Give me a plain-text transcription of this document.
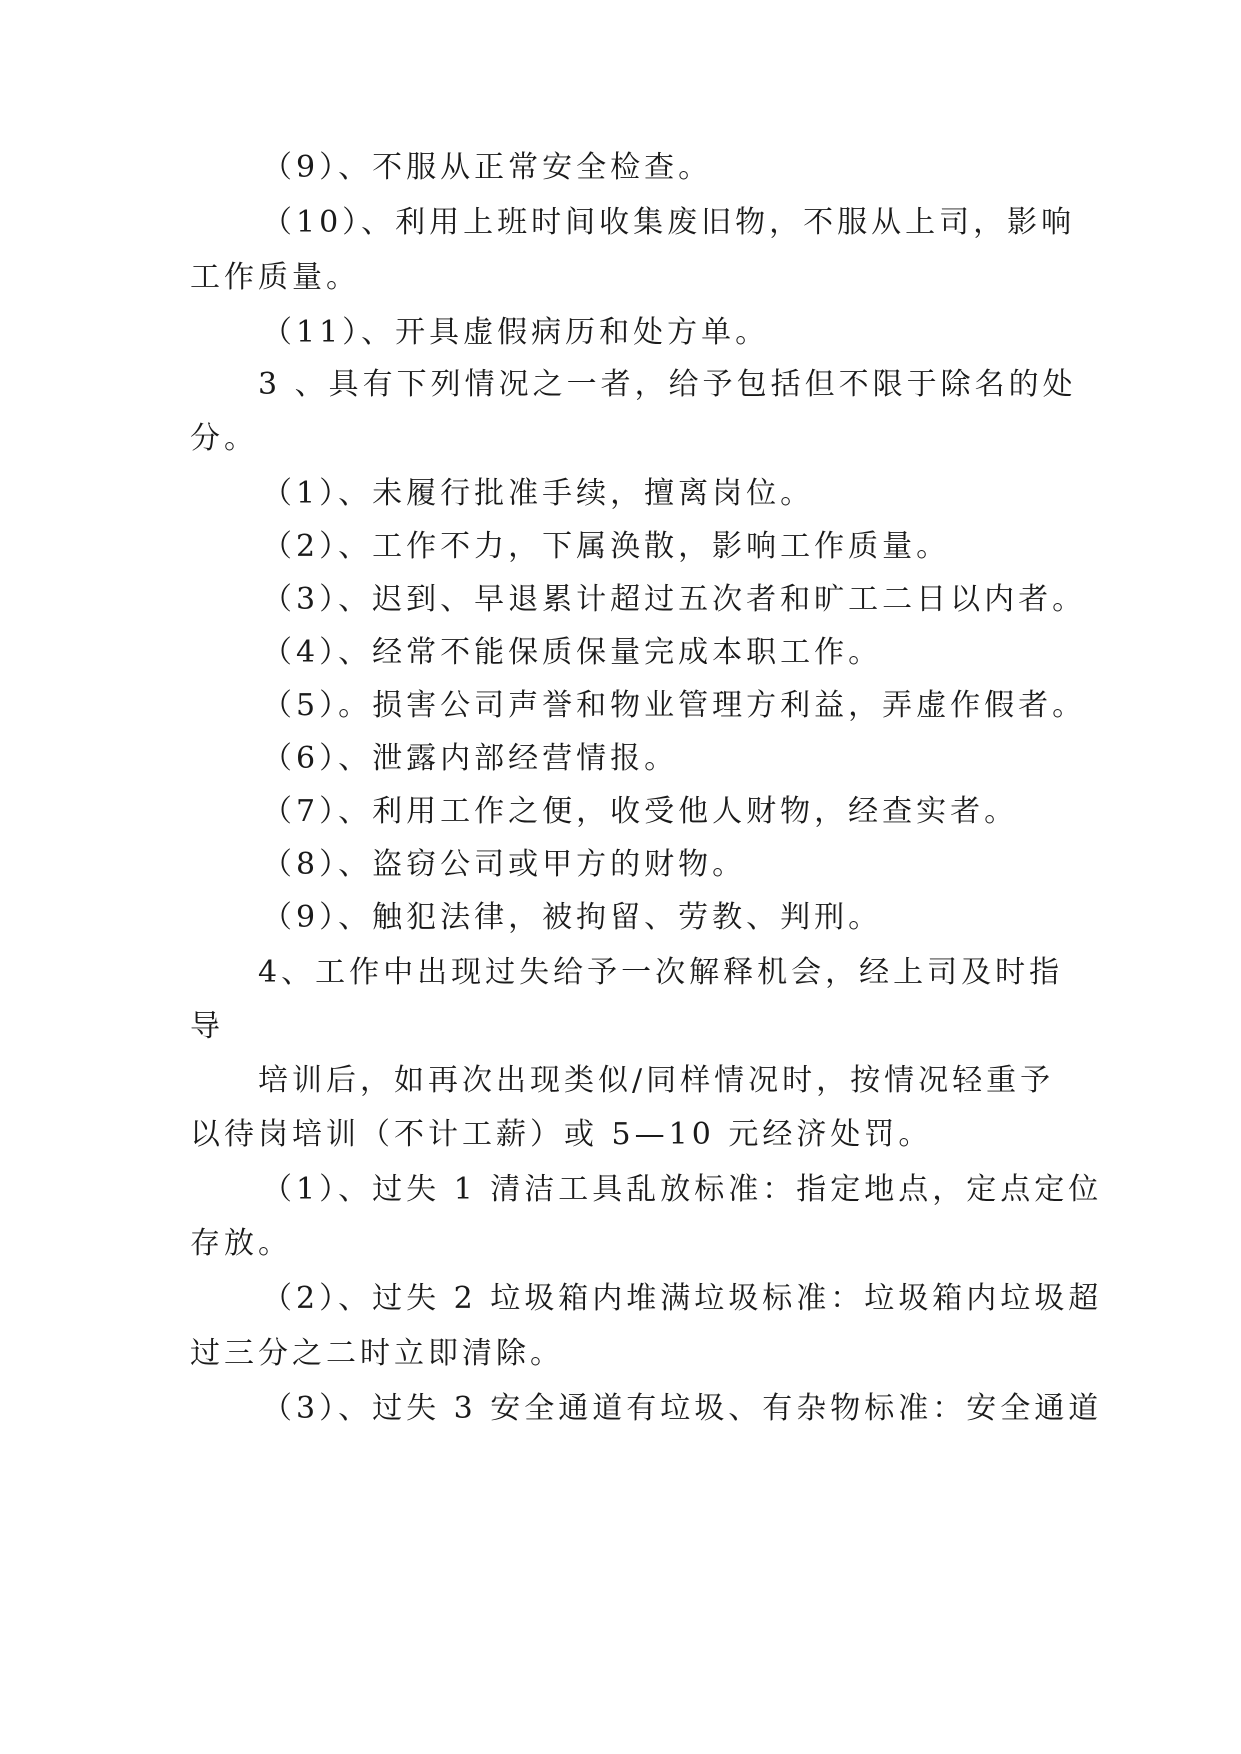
（9）、不服从正常安全检查。
（10）、利用上班时间收集废旧物，不服从上司，影响
工作质量。
（11）、开具虚假病历和处方单。
3 、具有下列情况之一者，给予包括但不限于除名的处
分。
（1）、未履行批准手续，擅离岗位。
（2）、工作不力，下属涣散，影响工作质量。
（3）、迟到、早退累计超过五次者和旷工二日以内者。
（4）、经常不能保质保量完成本职工作。
（5）。损害公司声誉和物业管理方利益，弄虚作假者。
（6）、泄露内部经营情报。
（7）、利用工作之便，收受他人财物，经查实者。
（8）、盗窃公司或甲方的财物。
（9）、触犯法律，被拘留、劳教、判刑。
4、工作中出现过失给予一次解释机会，经上司及时指
导
培训后，如再次出现类似/同样情况时，按情况轻重予
以待岗培训（不计工薪）或 5—10 元经济处罚。
（1）、过失 1 清洁工具乱放标准：指定地点，定点定位
存放。
（2）、过失 2 垃圾箱内堆满垃圾标准：垃圾箱内垃圾超
过三分之二时立即清除。
（3）、过失 3 安全通道有垃圾、有杂物标准：安全通道
